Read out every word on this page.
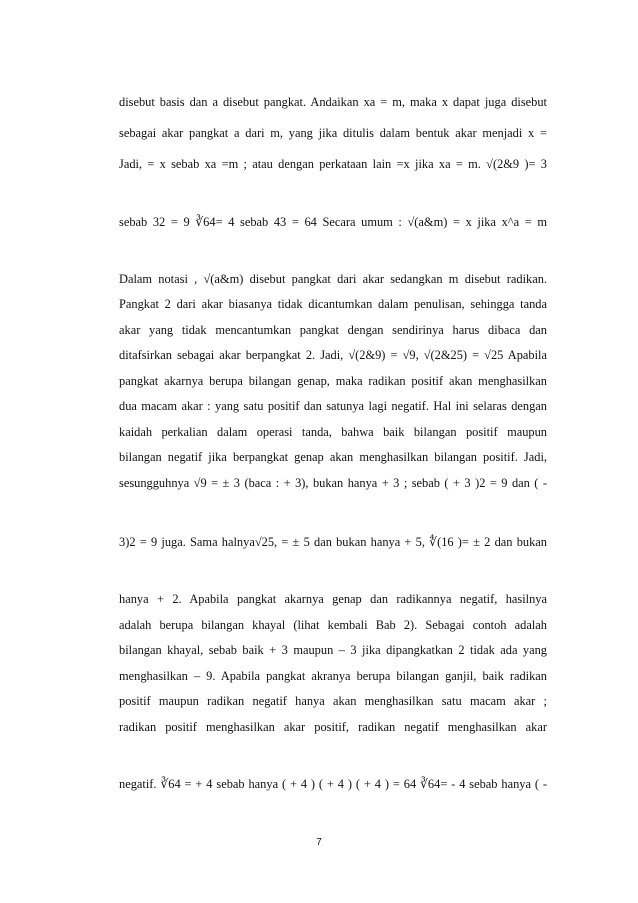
disebut basis dan a disebut pangkat. Andaikan xa = m, maka x dapat juga disebut
sebagai akar pangkat a dari m, yang jika ditulis dalam bentuk akar menjadi x =
Jadi, = x sebab xa =m ; atau dengan perkataan lain =x jika xa = m. √(2&9 )= 3
sebab 32 = 9 ∛64= 4 sebab 43 = 64 Secara umum : √(a&m) = x jika x^a = m
Dalam notasi , √(a&m) disebut pangkat dari akar sedangkan m disebut radikan.
Pangkat 2 dari akar biasanya tidak dicantumkan dalam penulisan, sehingga tanda
akar yang tidak mencantumkan pangkat dengan sendirinya harus dibaca dan
ditafsirkan sebagai akar berpangkat 2. Jadi, √(2&9) = √9, √(2&25) = √25 Apabila
pangkat akarnya berupa bilangan genap, maka radikan positif akan menghasilkan
dua macam akar : yang satu positif dan satunya lagi negatif. Hal ini selaras dengan
kaidah perkalian dalam operasi tanda, bahwa baik bilangan positif maupun
bilangan negatif jika berpangkat genap akan menghasilkan bilangan positif. Jadi,
sesungguhnya √9 = ± 3 (baca : + 3), bukan hanya + 3 ; sebab ( + 3 )2 = 9 dan ( -
3)2 = 9 juga. Sama halnya√25, = ± 5 dan bukan hanya + 5, ∜(16 )= ± 2 dan bukan
hanya + 2. Apabila pangkat akarnya genap dan radikannya negatif, hasilnya
adalah berupa bilangan khayal (lihat kembali Bab 2). Sebagai contoh adalah
bilangan khayal, sebab baik + 3 maupun – 3 jika dipangkatkan 2 tidak ada yang
menghasilkan – 9. Apabila pangkat akranya berupa bilangan ganjil, baik radikan
positif maupun radikan negatif hanya akan menghasilkan satu macam akar ;
radikan positif menghasilkan akar positif, radikan negatif menghasilkan akar
negatif. ∛64 = + 4 sebab hanya ( + 4 ) ( + 4 ) ( + 4 ) = 64 ∛64= - 4 sebab hanya ( -
7
